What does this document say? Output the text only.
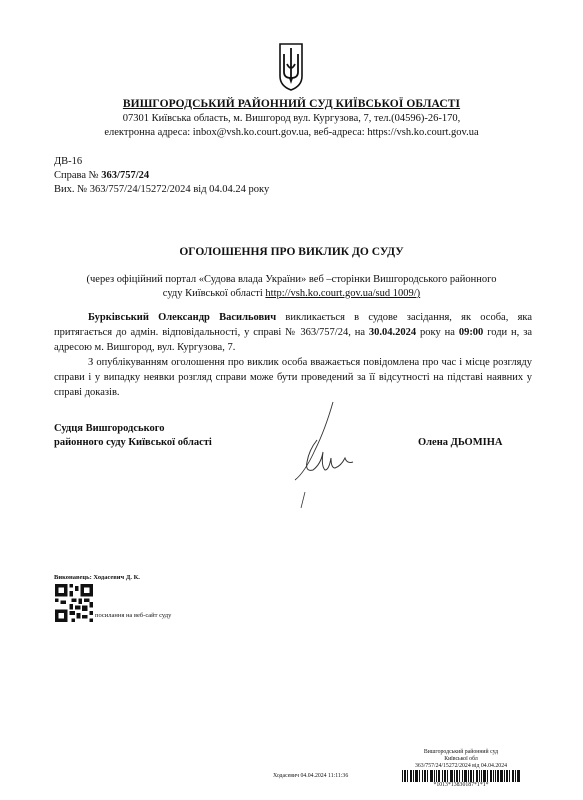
ВИШГОРОДСЬКИЙ РАЙОННИЙ СУД КИЇВСЬКОЇ ОБЛАСТІ
07301 Київська область, м. Вишгород вул. Кургузова, 7, тел.(04596)-26-170,
електронна адреса: inbox@vsh.ko.court.gov.ua, веб-адреса: https://vsh.ko.court.gov.ua
ДВ-16
Справа № 363/757/24
Вих. № 363/757/24/15272/2024 від 04.04.24 року
ОГОЛОШЕННЯ ПРО ВИКЛИК ДО СУДУ
(через офіційний портал «Судова влада України» веб –сторінки Вишгородського районного
суду Київської області http://vsh.ko.court.gov.ua/sud 1009/)

Бурківський Олександр Васильович викликається в судове засідання, як особа, яка притягається до адмін. відповідальності, у справі № 363/757/24, на 30.04.2024 року на 09:00 годи н, за адресою м. Вишгород, вул. Кургузова, 7.

З опублікуванням оголошення про виклик особа вважається повідомлена про час і місце розгляду справи і у випадку неявки розгляд справи може бути проведений за її відсутності на підставі наявних у справі доказів.

Судця Вишгородського
районного суду Київської області	Олена ДЬОМІНА
Виконавець: Ходасевич Д. К.
посилання на веб-сайт суду
Вишгородський районний суд
Київської обл
363/757/24/15272/2024 від 04.04.2024
Ходасевич 04.04.2024 11:11:36
*1013*13830187*1*1*
